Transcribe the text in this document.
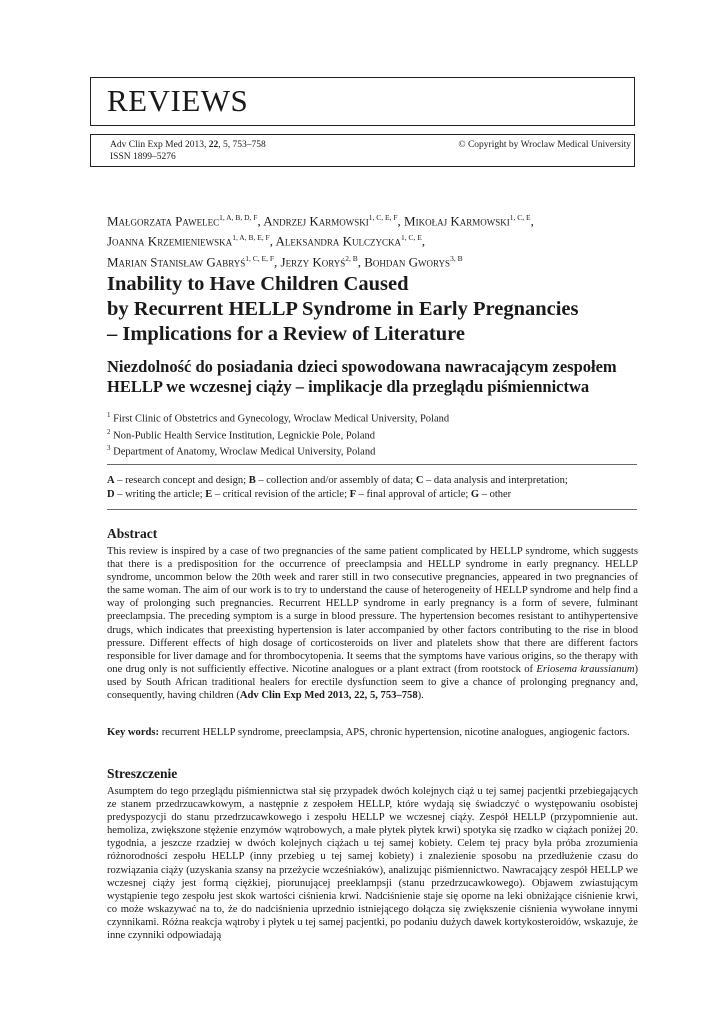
REVIEWS
Adv Clin Exp Med 2013, 22, 5, 753–758
ISSN 1899–5276
© Copyright by Wroclaw Medical University
Małgorzata Pawelec$^{1, A, B, D, F}$, Andrzej Karmowski$^{1, C, E, F}$, Mikołaj Karmowski$^{1, C, E}$,
Joanna Krzemieniewska$^{1, A, B, E, F}$, Aleksandra Kulczycka$^{1, C, E}$,
Marian Stanisław Gabryś$^{1, C, E, F}$, Jerzy Koryś$^{2, B}$, Bohdan Gworys$^{3, B}$
Inability to Have Children Caused
by Recurrent HELLP Syndrome in Early Pregnancies
– Implications for a Review of Literature
Niezdolność do posiadania dzieci spowodowana nawracającym zespołem
HELLP we wczesnej ciąży – implikacje dla przeglądu piśmiennictwa
$^1$ First Clinic of Obstetrics and Gynecology, Wroclaw Medical University, Poland
$^2$ Non-Public Health Service Institution, Legnickie Pole, Poland
$^3$ Department of Anatomy, Wroclaw Medical University, Poland
A – research concept and design; B – collection and/or assembly of data; C – data analysis and interpretation;
D – writing the article; E – critical revision of the article; F – final approval of article; G – other
Abstract

This review is inspired by a case of two pregnancies of the same patient complicated by HELLP syndrome, which suggests that there is a predisposition for the occurrence of preeclampsia and HELLP syndrome in early pregnancy. HELLP syndrome, uncommon below the 20th week and rarer still in two consecutive pregnancies, appeared in two pregnancies of the same woman. The aim of our work is to try to understand the cause of heterogeneity of HELLP syndrome and help find a way of prolonging such pregnancies. Recurrent HELLP syndrome in early pregnancy is a form of severe, fulminant preeclampsia. The preceding symptom is a surge in blood pressure. The hypertension becomes resistant to antihypertensive drugs, which indicates that preexisting hypertension is later accompanied by other factors contributing to the rise in blood pressure. Different effects of high dosage of corticosteroids on liver and platelets show that there are different factors responsible for liver damage and for thrombocytopenia. It seems that the symptoms have various origins, so the therapy with one drug only is not sufficiently effective. Nicotine analogues or a plant extract (from rootstock of Eriosema kraussianum) used by South African traditional healers for erectile dysfunction seem to give a chance of prolonging pregnancy and, consequently, having children (Adv Clin Exp Med 2013, 22, 5, 753–758).

Key words: recurrent HELLP syndrome, preeclampsia, APS, chronic hypertension, nicotine analogues, angiogenic factors.

Streszczenie

Asumptem do tego przeglądu piśmiennictwa stał się przypadek dwóch kolejnych ciąż u tej samej pacjentki przebiegających ze stanem przedrzucawkowym, a następnie z zespołem HELLP, które wydają się świadczyć o występowaniu osobistej predyspozycji do stanu przedrzucawkowego i zespołu HELLP we wczesnej ciąży. Zespół HELLP (przypomnienie aut. hemoliza, zwiększone stężenie enzymów wątrobowych, a małe płytek płytek krwi) spotyka się rzadko w ciążach poniżej 20. tygodnia, a jeszcze rzadziej w dwóch kolejnych ciążach u tej samej kobiety. Celem tej pracy była próba zrozumienia różnorodności zespołu HELLP (inny przebieg u tej samej kobiety) i znalezienie sposobu na przedłużenie czasu do rozwiązania ciąży (uzyskania szansy na przeżycie wcześniaków), analizując piśmiennictwo. Nawracający zespół HELLP we wczesnej ciąży jest formą ciężkiej, piorunującej preeklampsji (stanu przedrzucawkowego). Objawem zwiastującym wystąpienie tego zespołu jest skok wartości ciśnienia krwi. Nadciśnienie staje się oporne na leki obniżające ciśnienie krwi, co może wskazywać na to, że do nadciśnienia uprzednio istniejącego dołącza się zwiększenie ciśnienia wywołane innymi czynnikami. Różna reakcja wątroby i płytek u tej samej pacjentki, po podaniu dużych dawek kortykosteroidów, wskazuje, że inne czynniki odpowiadają
